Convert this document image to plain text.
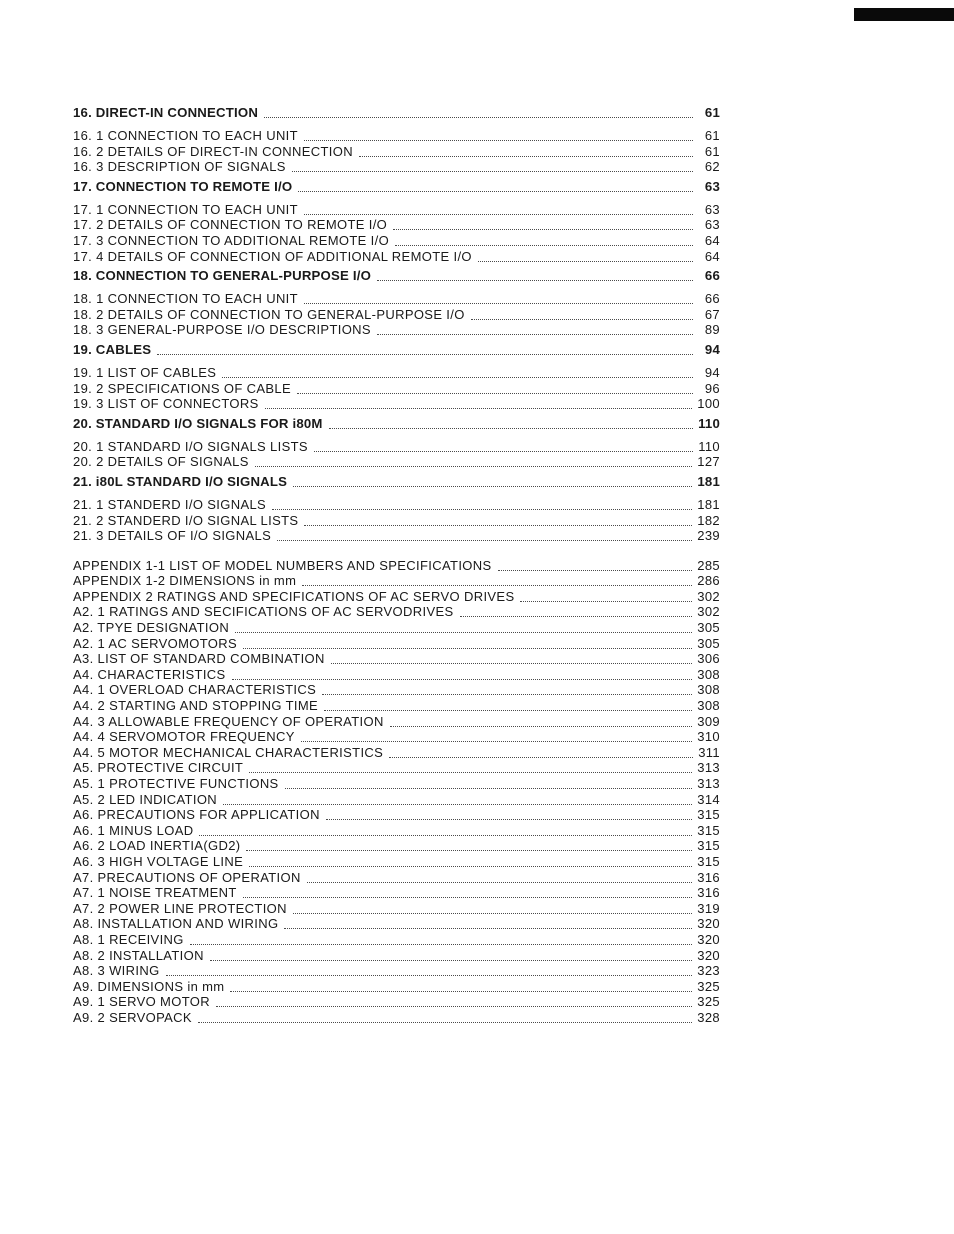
16. DIRECT-IN CONNECTION	61
16. 1 CONNECTION TO EACH UNIT	61
16. 2 DETAILS OF DIRECT-IN CONNECTION	61
16. 3 DESCRIPTION OF SIGNALS	62
17. CONNECTION TO REMOTE I/O	63
17. 1 CONNECTION TO EACH UNIT	63
17. 2 DETAILS OF CONNECTION TO REMOTE I/O	63
17. 3 CONNECTION TO ADDITIONAL REMOTE I/O	64
17. 4 DETAILS OF CONNECTION OF ADDITIONAL REMOTE I/O	64
18. CONNECTION TO GENERAL-PURPOSE I/O	66
18. 1 CONNECTION TO EACH UNIT	66
18. 2 DETAILS OF CONNECTION TO GENERAL-PURPOSE I/O	67
18. 3 GENERAL-PURPOSE I/O DESCRIPTIONS	89
19. CABLES	94
19. 1 LIST OF CABLES	94
19. 2 SPECIFICATIONS OF CABLE	96
19. 3 LIST OF CONNECTORS	100
20. STANDARD I/O SIGNALS FOR i80M	110
20. 1 STANDARD I/O SIGNALS LISTS	110
20. 2 DETAILS OF SIGNALS	127
21. i80L STANDARD I/O SIGNALS	181
21. 1 STANDERD I/O SIGNALS	181
21. 2 STANDERD I/O SIGNAL LISTS	182
21. 3 DETAILS OF I/O SIGNALS	239
APPENDIX 1-1 LIST OF MODEL NUMBERS AND SPECIFICATIONS	285
APPENDIX 1-2 DIMENSIONS in mm	286
APPENDIX 2 RATINGS AND SPECIFICATIONS OF AC SERVO DRIVES	302
A2. 1 RATINGS AND SECIFICATIONS OF AC SERVODRIVES	302
A2. TPYE DESIGNATION	305
A2. 1 AC SERVOMOTORS	305
A3. LIST OF STANDARD COMBINATION	306
A4. CHARACTERISTICS	308
A4. 1 OVERLOAD CHARACTERISTICS	308
A4. 2 STARTING AND STOPPING TIME	308
A4. 3 ALLOWABLE FREQUENCY OF OPERATION	309
A4. 4 SERVOMOTOR FREQUENCY	310
A4. 5 MOTOR MECHANICAL CHARACTERISTICS	311
A5. PROTECTIVE CIRCUIT	313
A5. 1 PROTECTIVE FUNCTIONS	313
A5. 2 LED INDICATION	314
A6. PRECAUTIONS FOR APPLICATION	315
A6. 1 MINUS LOAD	315
A6. 2 LOAD INERTIA(GD2)	315
A6. 3 HIGH VOLTAGE LINE	315
A7. PRECAUTIONS OF OPERATION	316
A7. 1 NOISE TREATMENT	316
A7. 2 POWER LINE PROTECTION	319
A8. INSTALLATION AND WIRING	320
A8. 1 RECEIVING	320
A8. 2 INSTALLATION	320
A8. 3 WIRING	323
A9. DIMENSIONS in mm	325
A9. 1 SERVO MOTOR	325
A9. 2 SERVOPACK	328
